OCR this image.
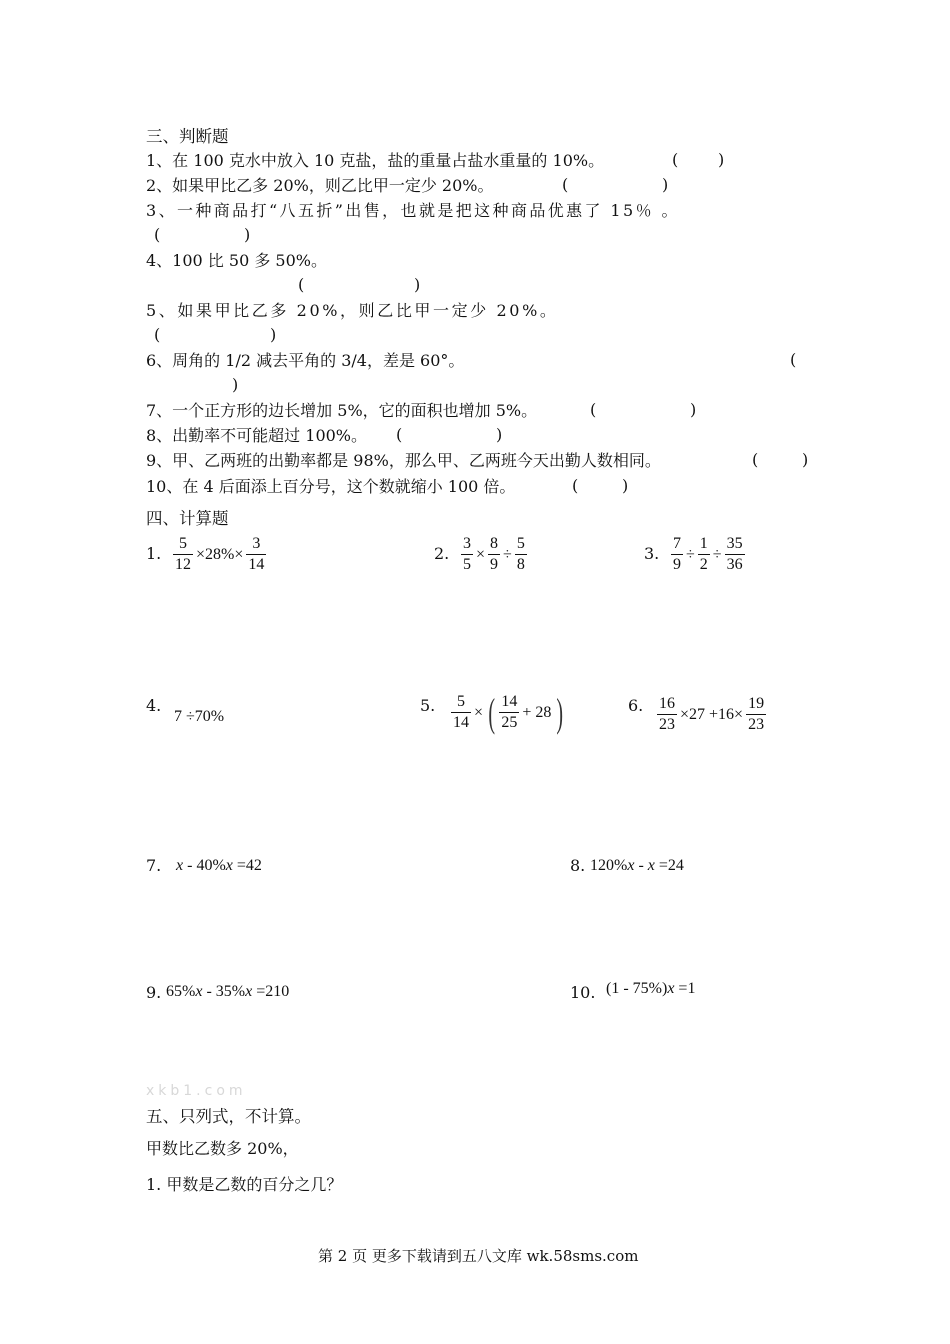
三、判断题
1、在 100 克水中放入 10 克盐，盐的重量占盐水重量的 10%。	( )
2、如果甲比乙多 20%，则乙比甲一定少 20%。	(	)
3、一种商品打“八五折”出售，也就是把这种商品优惠了 15％ 。
(	)
4、100 比 50 多 50%。
(	)
5、如果甲比乙多 20%，则乙比甲一定少 20%。
(	)
6、周角的 1/2 减去平角的 3/4，差是 60°。	(
)
7、一个正方形的边长增加 5%，它的面积也增加 5%。	(	)
8、出勤率不可能超过 100%。 (	)
9、甲、乙两班的出勤率都是 98%，那么甲、乙两班今天出勤人数相同。	(	)
10、在 4 后面添上百分号，这个数就缩小 100 倍。	(	)
四、计算题
1. $\frac{5}{12} \times 28\%\times \frac{3}{14}$	2. $\frac{3}{5} \times \frac{8}{9} \div \frac{5}{8}$	3. $\frac{7}{9} \div \frac{1}{2} \div \frac{35}{36}$
4.
7 ÷70%
5. $\frac{5}{14}$ × ( $\frac{14}{25} + 28$ )	6. $\frac{16}{23} \times 27 +16\times \frac{19}{23}$
7. x - 40%x =42	8. 120%x - x =24
9. 65%x - 35%x =210	10. (1 - 75%)x =1
xkb1.com
五、只列式，不计算。
甲数比乙数多 20%，
1. 甲数是乙数的百分之几？
第 2 页 更多下载请到五八文库 wk.58sms.com
